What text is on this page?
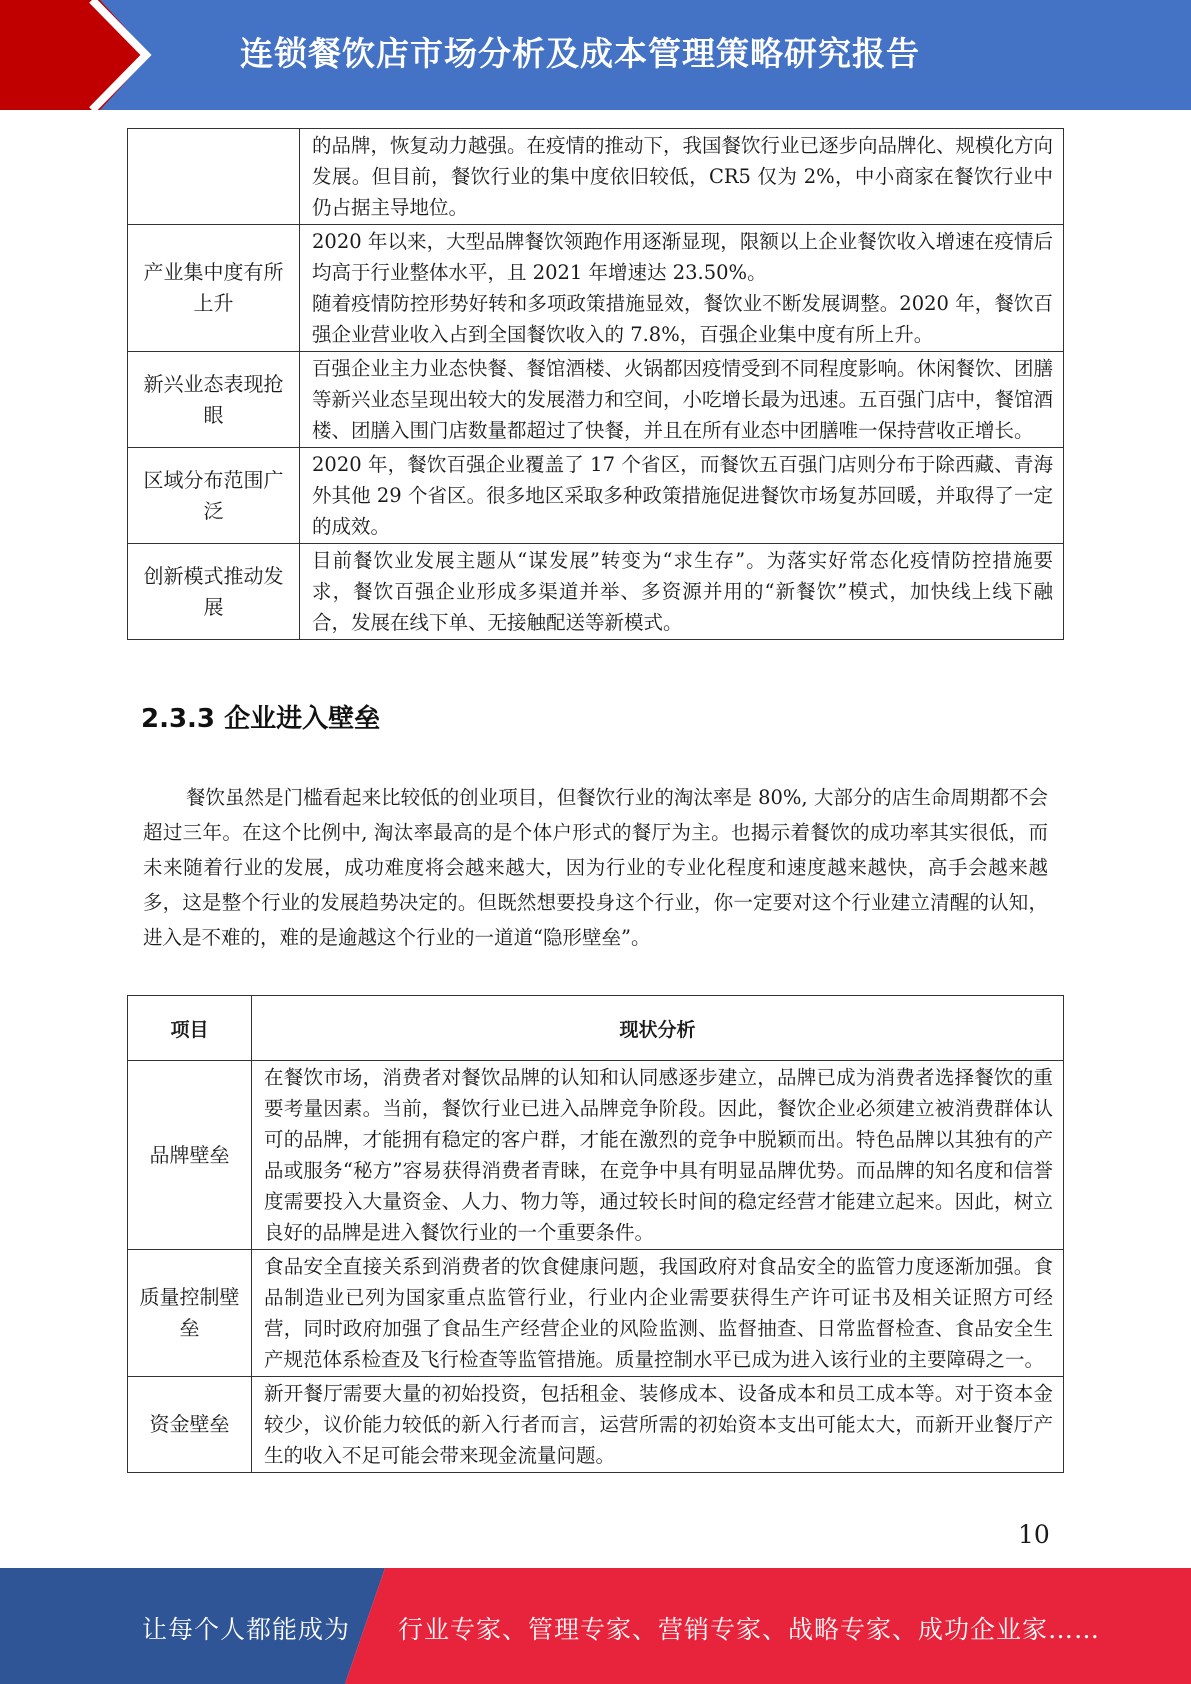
连锁餐饮店市场分析及成本管理策略研究报告
	的品牌，恢复动力越强。在疫情的推动下，我国餐饮行业已逐步向品牌化、规模化方向发展。但目前，餐饮行业的集中度依旧较低，CR5 仅为 2%，中小商家在餐饮行业中仍占据主导地位。
产业集中度有所上升	2020 年以来，大型品牌餐饮领跑作用逐渐显现，限额以上企业餐饮收入增速在疫情后均高于行业整体水平，且 2021 年增速达 23.50%。
随着疫情防控形势好转和多项政策措施显效，餐饮业不断发展调整。2020 年，餐饮百强企业营业收入占到全国餐饮收入的 7.8%，百强企业集中度有所上升。

新兴业态表现抢眼	百强企业主力业态快餐、餐馆酒楼、火锅都因疫情受到不同程度影响。休闲餐饮、团膳等新兴业态呈现出较大的发展潜力和空间，小吃增长最为迅速。五百强门店中，餐馆酒楼、团膳入围门店数量都超过了快餐，并且在所有业态中团膳唯一保持营收正增长。
区域分布范围广泛	2020 年，餐饮百强企业覆盖了 17 个省区，而餐饮五百强门店则分布于除西藏、青海外其他 29 个省区。很多地区采取多种政策措施促进餐饮市场复苏回暖，并取得了一定的成效。
创新模式推动发展	目前餐饮业发展主题从“谋发展”转变为“求生存”。为落实好常态化疫情防控措施要求，餐饮百强企业形成多渠道并举、多资源并用的“新餐饮”模式，加快线上线下融合，发展在线下单、无接触配送等新模式。
2.3.3 企业进入壁垒

餐饮虽然是门槛看起来比较低的创业项目，但餐饮行业的淘汰率是 80%, 大部分的店生命周期都不会超过三年。在这个比例中, 淘汰率最高的是个体户形式的餐厅为主。也揭示着餐饮的成功率其实很低，而未来随着行业的发展，成功难度将会越来越大，因为行业的专业化程度和速度越来越快，高手会越来越多，这是整个行业的发展趋势决定的。但既然想要投身这个行业，你一定要对这个行业建立清醒的认知，进入是不难的，难的是逾越这个行业的一道道“隐形壁垒”。

项目	现状分析
品牌壁垒	在餐饮市场，消费者对餐饮品牌的认知和认同感逐步建立，品牌已成为消费者选择餐饮的重要考量因素。当前，餐饮行业已进入品牌竞争阶段。因此，餐饮企业必须建立被消费群体认可的品牌，才能拥有稳定的客户群，才能在激烈的竞争中脱颖而出。特色品牌以其独有的产品或服务“秘方”容易获得消费者青睐，在竞争中具有明显品牌优势。而品牌的知名度和信誉度需要投入大量资金、人力、物力等，通过较长时间的稳定经营才能建立起来。因此，树立良好的品牌是进入餐饮行业的一个重要条件。
质量控制壁垒	食品安全直接关系到消费者的饮食健康问题，我国政府对食品安全的监管力度逐渐加强。食品制造业已列为国家重点监管行业，行业内企业需要获得生产许可证书及相关证照方可经营，同时政府加强了食品生产经营企业的风险监测、监督抽查、日常监督检查、食品安全生产规范体系检查及飞行检查等监管措施。质量控制水平已成为进入该行业的主要障碍之一。
资金壁垒	新开餐厅需要大量的初始投资，包括租金、装修成本、设备成本和员工成本等。对于资本金较少，议价能力较低的新入行者而言，运营所需的初始资本支出可能太大，而新开业餐厅产生的收入不足可能会带来现金流量问题。
10
让每个人都能成为 行业专家、管理专家、营销专家、战略专家、成功企业家……
